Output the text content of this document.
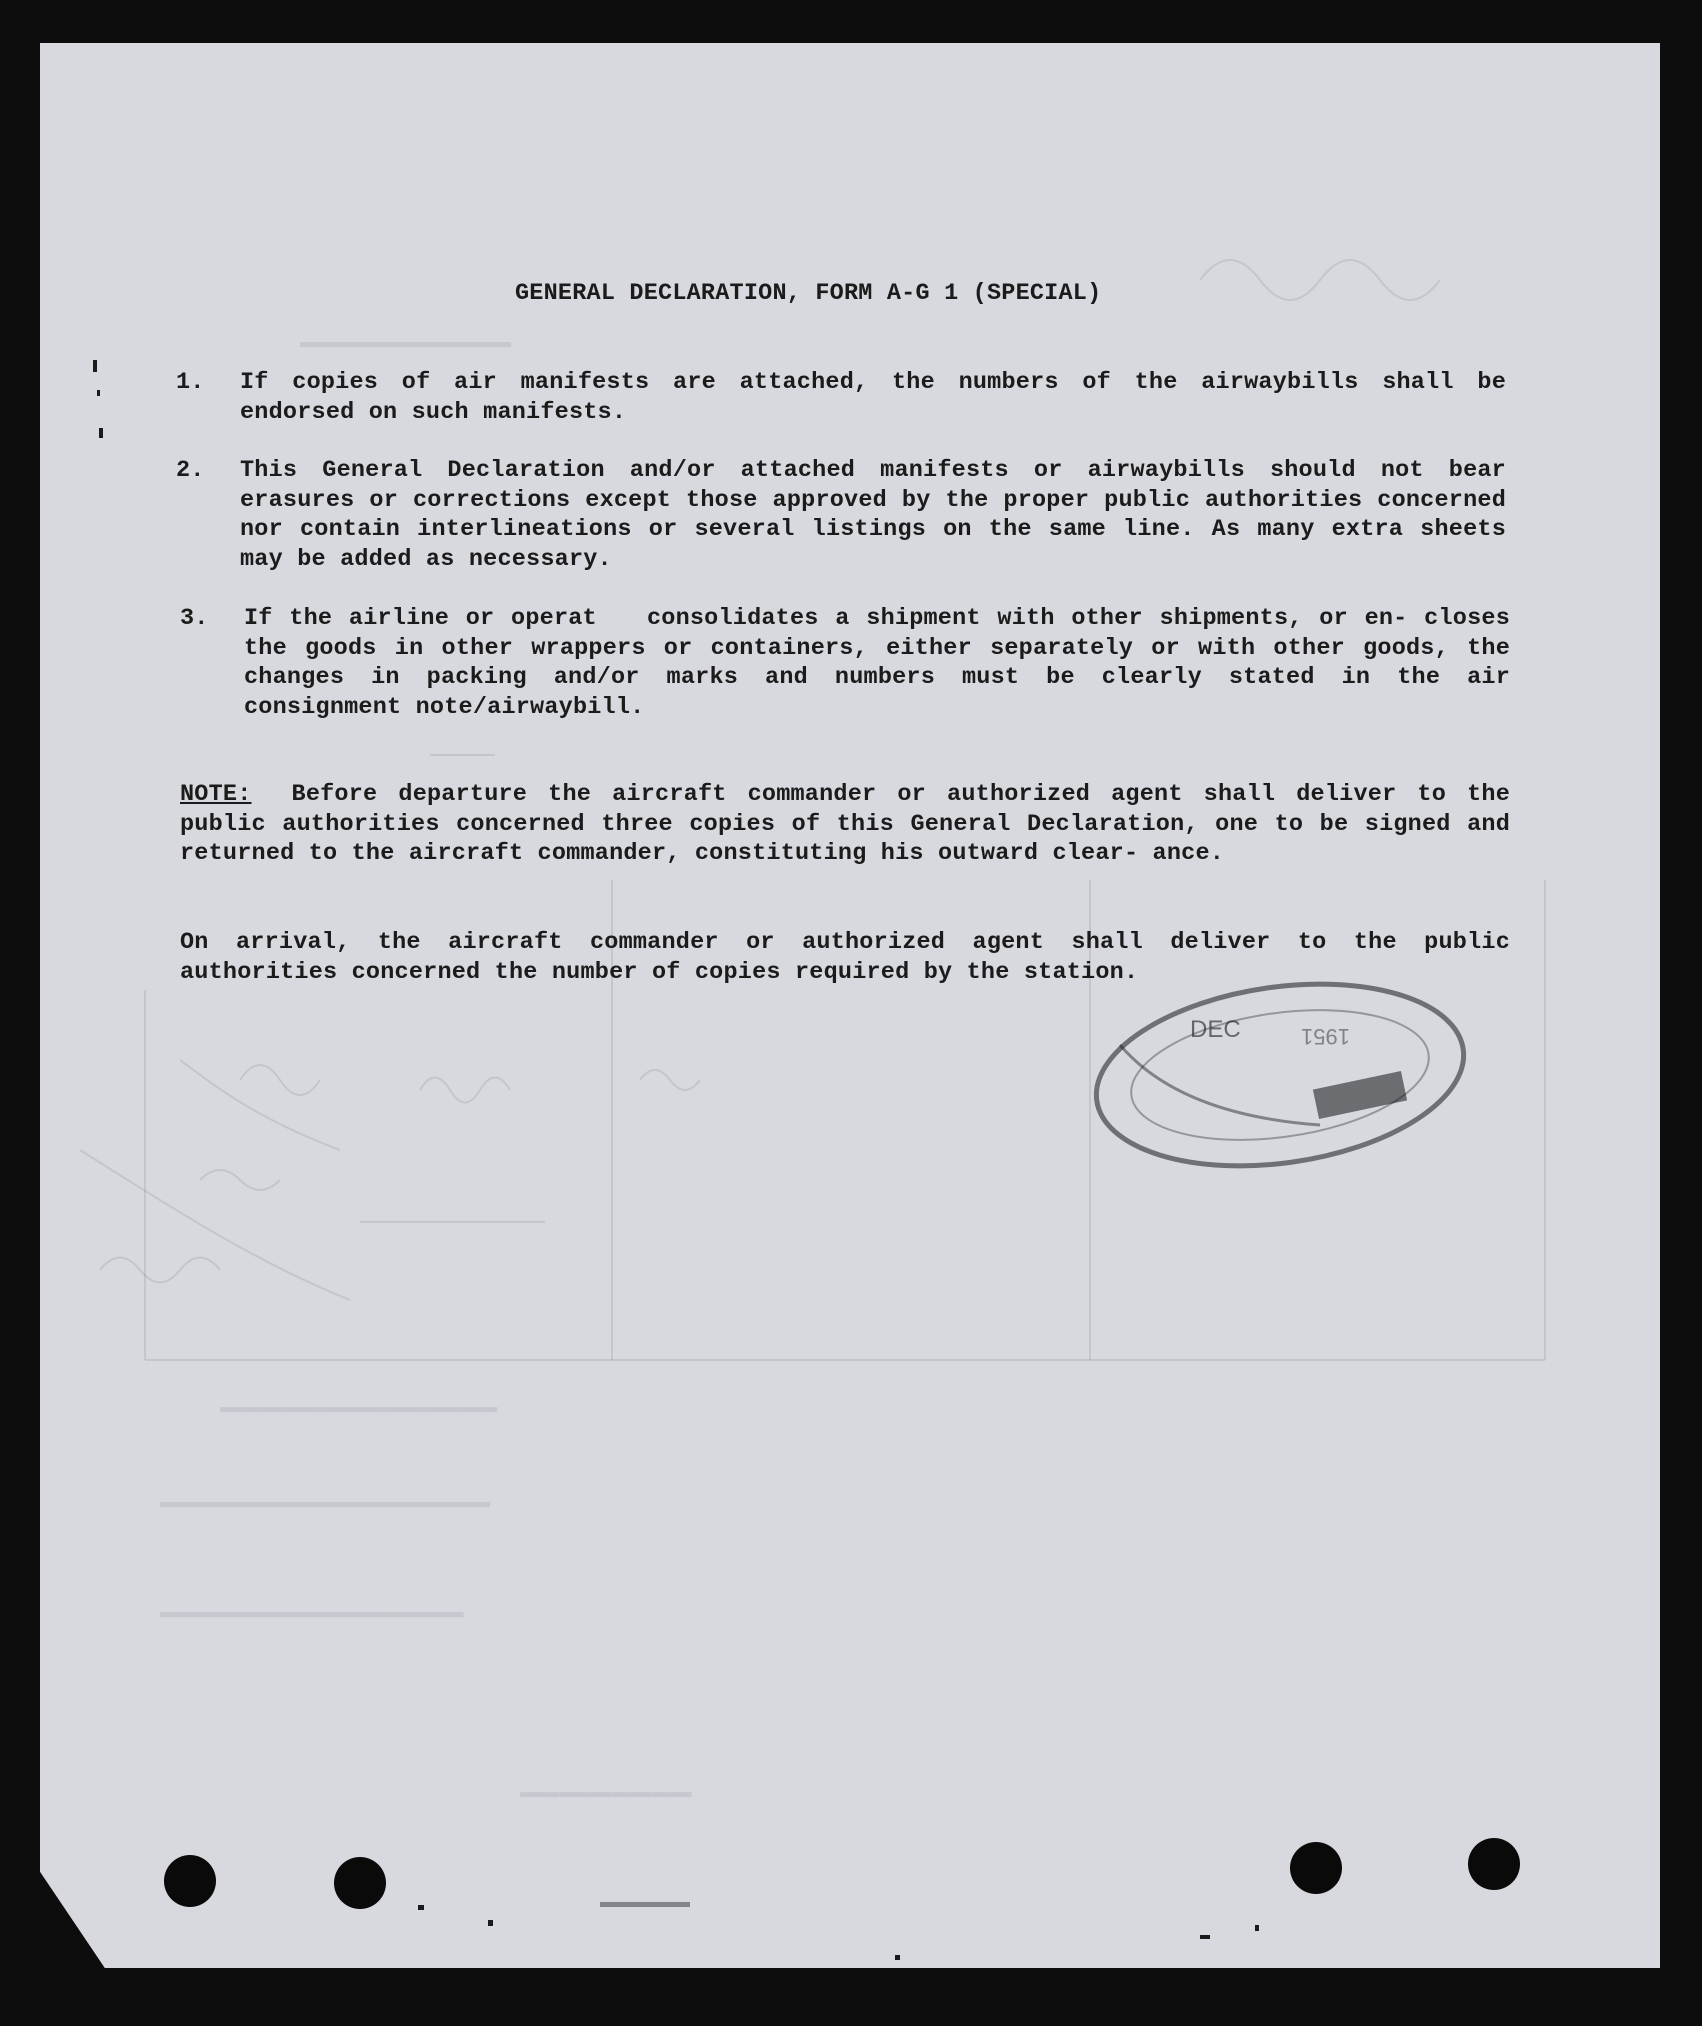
▬▬▬▬▬▬▬▬▬▬▬▬▬▬▬▬
▬▬▬▬▬▬▬▬▬▬▬▬▬▬▬▬▬▬▬▬▬
▬▬▬▬▬▬▬▬▬▬▬▬▬▬▬▬▬▬▬▬▬▬▬▬▬
▬▬▬▬▬▬▬▬▬▬▬▬▬▬▬▬▬▬▬▬▬▬▬
▬▬▬▬▬▬▬▬▬▬▬▬▬
GENERAL DECLARATION, FORM A-G 1 (SPECIAL)
1.	If copies of air manifests are attached, the numbers of the airwaybills shall be endorsed on such manifests.
2.	This General Declaration and/or attached manifests or airwaybills should not bear erasures or corrections except those approved by the proper public authorities concerned nor contain interlineations or several listings on the same line. As many extra sheets may be added as necessary.
3.	If the airline or operat   consolidates a shipment with other shipments, or en- closes the goods in other wrappers or containers, either separately or with other goods, the changes in packing and/or marks and numbers must be clearly stated in the air consignment note/airwaybill.
NOTE: Before departure the aircraft commander or authorized agent shall deliver to the public authorities concerned three copies of this General Declaration, one to be signed and returned to the aircraft commander, constituting his outward clear- ance.
On arrival, the aircraft commander or authorized agent shall deliver to the public authorities concerned the number of copies required by the station.
DEC	1951
